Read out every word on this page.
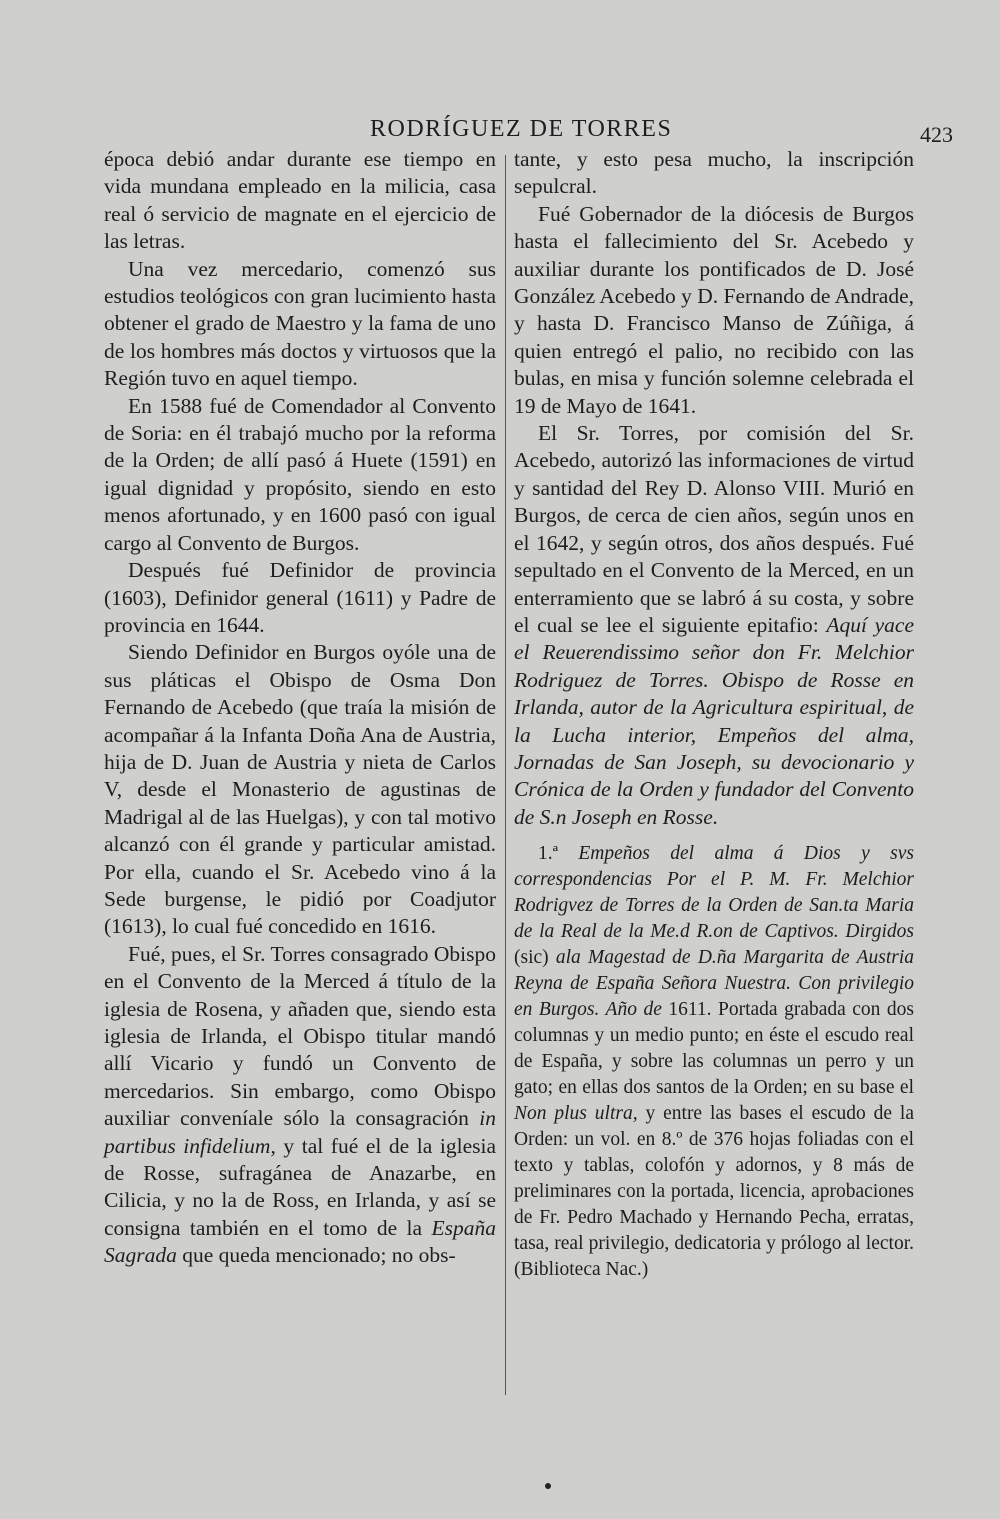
RODRÍGUEZ DE TORRES	423

época debió andar durante ese tiempo en vida mundana empleado en la milicia, casa real ó servicio de magnate en el ejercicio de las letras.

Una vez mercedario, comenzó sus estudios teológicos con gran lucimiento hasta obtener el grado de Maestro y la fama de uno de los hombres más doctos y virtuosos que la Región tuvo en aquel tiempo.

En 1588 fué de Comendador al Convento de Soria: en él trabajó mucho por la reforma de la Orden; de allí pasó á Huete (1591) en igual dignidad y propósito, siendo en esto menos afortunado, y en 1600 pasó con igual cargo al Convento de Burgos.

Después fué Definidor de provincia (1603), Definidor general (1611) y Padre de provincia en 1644.

Siendo Definidor en Burgos oyóle una de sus pláticas el Obispo de Osma Don Fernando de Acebedo (que traía la misión de acompañar á la Infanta Doña Ana de Austria, hija de D. Juan de Austria y nieta de Carlos V, desde el Monasterio de agustinas de Madrigal al de las Huelgas), y con tal motivo alcanzó con él grande y particular amistad. Por ella, cuando el Sr. Acebedo vino á la Sede burgense, le pidió por Coadjutor (1613), lo cual fué concedido en 1616.

Fué, pues, el Sr. Torres consagrado Obispo en el Convento de la Merced á título de la iglesia de Rosena, y añaden que, siendo esta iglesia de Irlanda, el Obispo titular mandó allí Vicario y fundó un Convento de mercedarios. Sin embargo, como Obispo auxiliar conveníale sólo la consagración in partibus infidelium, y tal fué el de la iglesia de Rosse, sufragánea de Anazarbe, en Cilicia, y no la de Ross, en Irlanda, y así se consigna también en el tomo de la España Sagrada que queda mencionado; no obs-

tante, y esto pesa mucho, la inscripción sepulcral.

Fué Gobernador de la diócesis de Burgos hasta el fallecimiento del Sr. Acebedo y auxiliar durante los pontificados de D. José González Acebedo y D. Fernando de Andrade, y hasta D. Francisco Manso de Zúñiga, á quien entregó el palio, no recibido con las bulas, en misa y función solemne celebrada el 19 de Mayo de 1641.

El Sr. Torres, por comisión del Sr. Acebedo, autorizó las informaciones de virtud y santidad del Rey D. Alonso VIII. Murió en Burgos, de cerca de cien años, según unos en el 1642, y según otros, dos años después. Fué sepultado en el Convento de la Merced, en un enterramiento que se labró á su costa, y sobre el cual se lee el siguiente epitafio: Aquí yace el Reuerendissimo señor don Fr. Melchior Rodriguez de Torres. Obispo de Rosse en Irlanda, autor de la Agricultura espiritual, de la Lucha interior, Empeños del alma, Jornadas de San Joseph, su devocionario y Crónica de la Orden y fundador del Convento de S.n Joseph en Rosse.

1.ª Empeños del alma á Dios y svs correspondencias Por el P. M. Fr. Melchior Rodrigvez de Torres de la Orden de San.ta Maria de la Real de la Me.d R.on de Captivos. Dirgidos (sic) ala Magestad de D.ña Margarita de Austria Reyna de España Señora Nuestra. Con privilegio en Burgos. Año de 1611. Portada grabada con dos columnas y un medio punto; en éste el escudo real de España, y sobre las columnas un perro y un gato; en ellas dos santos de la Orden; en su base el Non plus ultra, y entre las bases el escudo de la Orden: un vol. en 8.º de 376 hojas foliadas con el texto y tablas, colofón y adornos, y 8 más de preliminares con la portada, licencia, aprobaciones de Fr. Pedro Machado y Hernando Pecha, erratas, tasa, real privilegio, dedicatoria y prólogo al lector. (Biblioteca Nac.)
